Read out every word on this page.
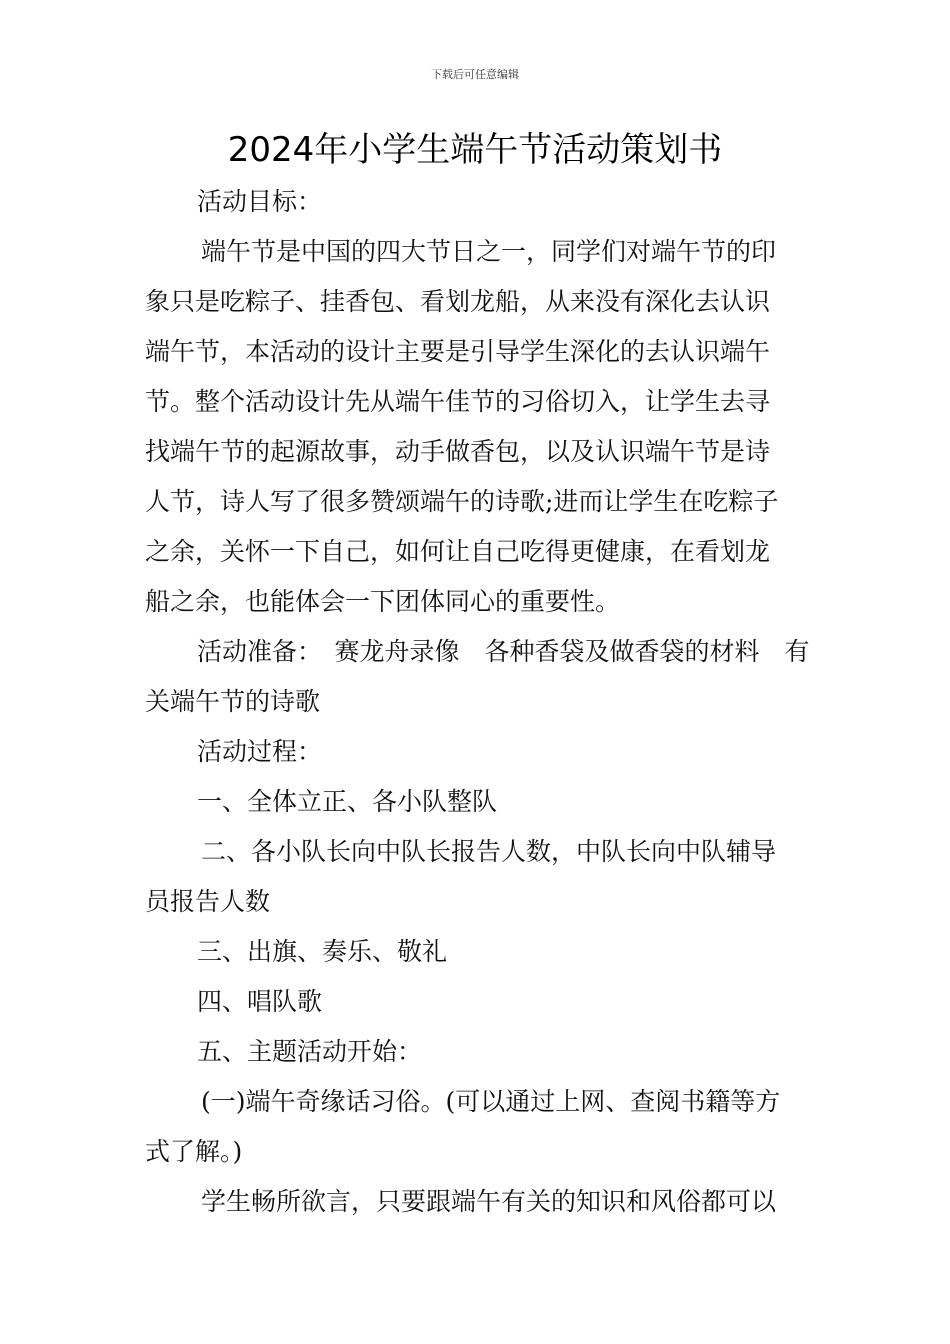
下载后可任意编辑
2024年小学生端午节活动策划书
活动目标：
端午节是中国的四大节日之一，同学们对端午节的印
象只是吃粽子、挂香包、看划龙船，从来没有深化去认识
端午节，本活动的设计主要是引导学生深化的去认识端午
节。整个活动设计先从端午佳节的习俗切入，让学生去寻
找端午节的起源故事，动手做香包，以及认识端午节是诗
人节，诗人写了很多赞颂端午的诗歌;进而让学生在吃粽子
之余，关怀一下自己，如何让自己吃得更健康，在看划龙
船之余，也能体会一下团体同心的重要性。
活动准备：　赛龙舟录像　各种香袋及做香袋的材料　有
关端午节的诗歌
活动过程：
一、全体立正、各小队整队
二、各小队长向中队长报告人数，中队长向中队辅导
员报告人数
三、出旗、奏乐、敬礼
四、唱队歌
五、主题活动开始：
(一)端午奇缘话习俗。(可以通过上网、查阅书籍等方
式了解。)
学生畅所欲言，只要跟端午有关的知识和风俗都可以
